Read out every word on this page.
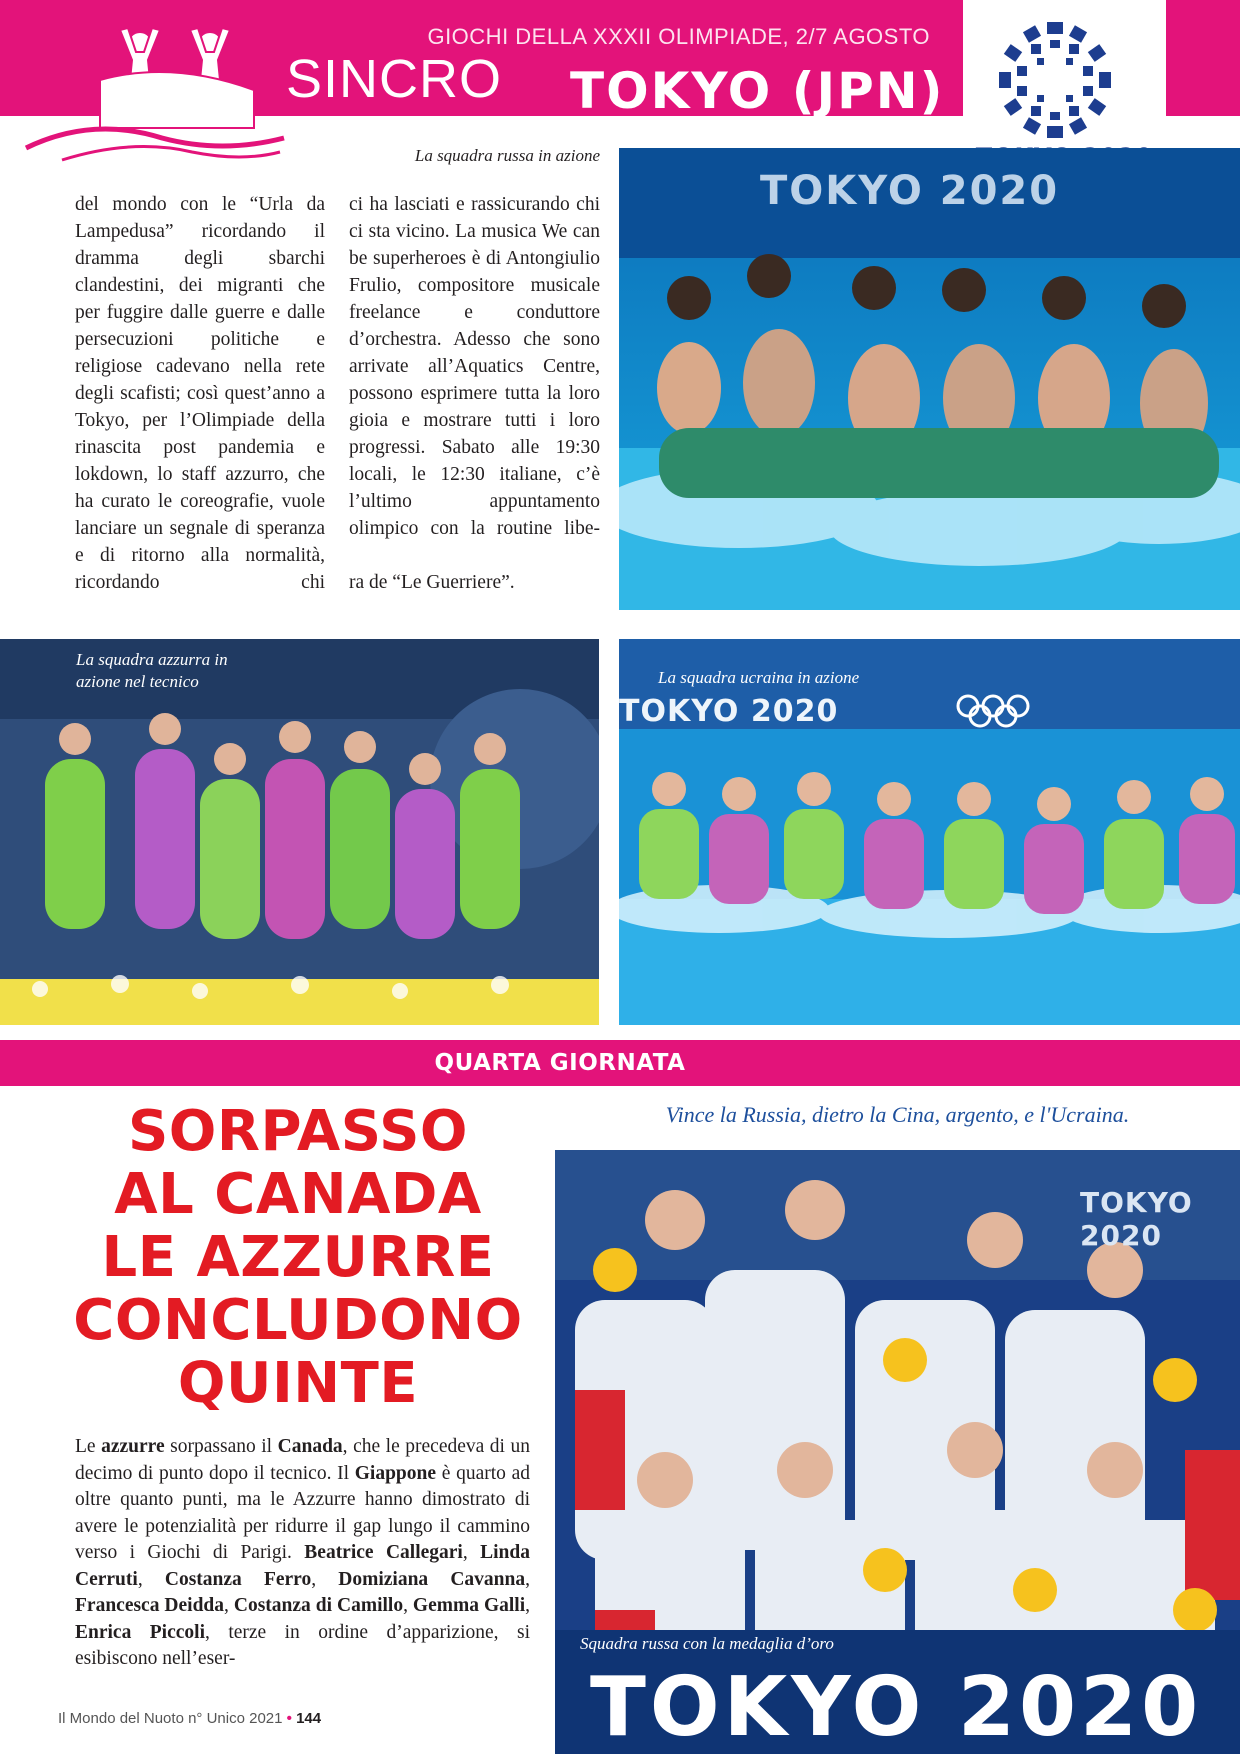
GIOCHI DELLA XXXII OLIMPIADE, 2/7 AGOSTO
SINCRO TOKYO (JPN)
La squadra russa in azione
del mondo con le “Urla da Lampedusa” ricordando il dramma degli sbarchi clandestini, dei migranti che per fuggire dalle guerre e dalle persecuzioni politiche e religiose cadevano nella rete degli scafisti; così quest’anno a Tokyo, per l’Olimpiade della rinascita post pandemia e lokdown, lo staff azzurro, che ha curato le coreografie, vuole lanciare un segnale di speranza e di ritorno alla normalità, ricordando chi
ci ha lasciati e rassicurando chi ci sta vicino. La musica We can be superheroes è di Antongiulio Frulio, compositore musicale freelance e conduttore d’orchestra. Adesso che sono arrivate all’Aquatics Centre, possono esprimere tutta la loro gioia e mostrare tutti i loro progressi. Sabato alle 19:30 locali, le 12:30 italiane, c’è l’ultimo appuntamento olimpico con la routine libe-
ra de “Le Guerriere”.
TOKYO 2020
La squadra azzurra in
azione nel tecnico
TOKYO 2020
La squadra ucraina in azione
QUARTA GIORNATA
SORPASSO
AL CANADA
LE AZZURRE
CONCLUDONO
QUINTE
Vince la Russia, dietro la Cina, argento, e l'Ucraina.
TOKYO 2020
Squadra russa con la medaglia d’oro
TOKYO 2020
Le azzurre sorpassano il Canada, che le precedeva di un decimo di punto dopo il tecnico. Il Giappone è quarto ad oltre quanto punti, ma le Azzurre hanno dimostrato di avere le potenzialità per ridurre il gap lungo il cammino verso i Giochi di Parigi. Beatrice Callegari, Linda Cerruti, Costanza Ferro, Domiziana Cavanna, Francesca Deidda, Costanza di Camillo, Gemma Galli, Enrica Piccoli, terze in ordine d’apparizione, si esibiscono nell’eser-
Il Mondo del Nuoto n° Unico 2021 • 144
